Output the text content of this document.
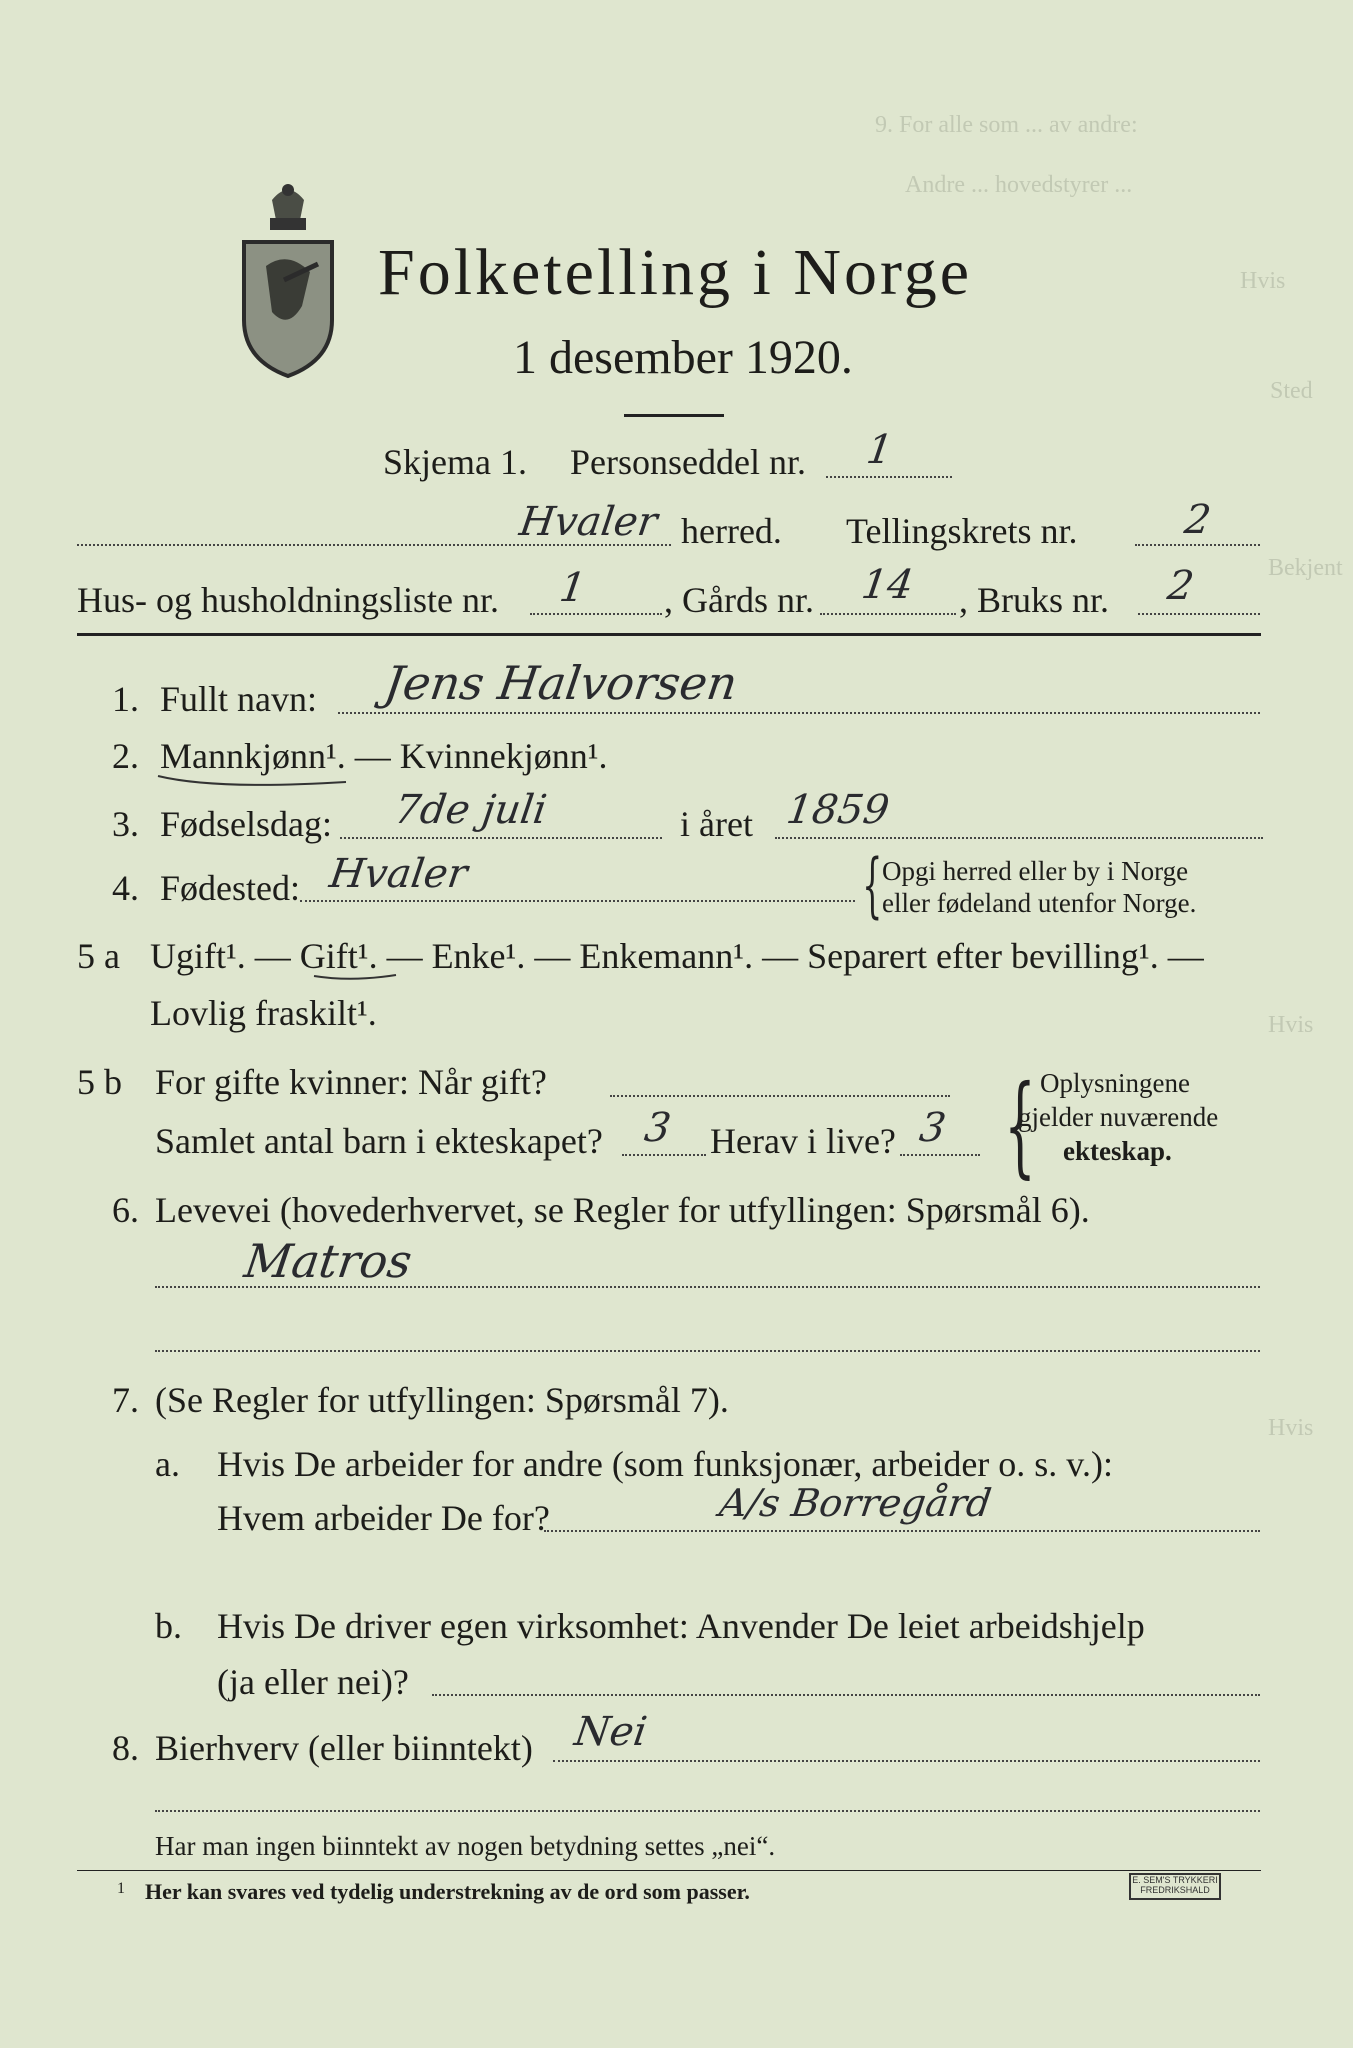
9. For alle som ... av andre:
Andre ... hovedstyrer ...
Hvis
Sted
Bekjent
Hvis
Hvis
Folketelling i Norge
1 desember 1920.
Skjema 1. Personseddel nr. 1
Hvaler herred. Tellingskrets nr.	2
Hus- og husholdningsliste nr. 1 , Gårds nr. 14 , Bruks nr. 2
1. Fullt navn: Jens Halvorsen
2. Mannkjønn¹. — Kvinnekjønn¹.
3. Fødselsdag: 7de juli	i året 1859
4. Fødested: Hvaler	{ Opgi herred eller by i Norge
eller fødeland utenfor Norge.
5 a Ugift¹. — Gift¹. — Enke¹. — Enkemann¹. — Separert efter bevilling¹. —
Lovlig fraskilt¹.
5 b For gifte kvinner: Når gift?
Samlet antal barn i ekteskapet? 3 Herav i live? 3 { Oplysningene
gjelder nuværende
ekteskap.
6. Levevei (hovederhvervet, se Regler for utfyllingen: Spørsmål 6).
Matros
7. (Se Regler for utfyllingen: Spørsmål 7).
a. Hvis De arbeider for andre (som funksjonær, arbeider o. s. v.):
Hvem arbeider De for?	A/s Borregård
b. Hvis De driver egen virksomhet: Anvender De leiet arbeidshjelp
(ja eller nei)?
8. Bierhverv (eller biinntekt) Nei
Har man ingen biinntekt av nogen betydning settes „nei“.
1 Her kan svares ved tydelig understrekning av de ord som passer.	E. SEM'S TRYKKERI FREDRIKSHALD
